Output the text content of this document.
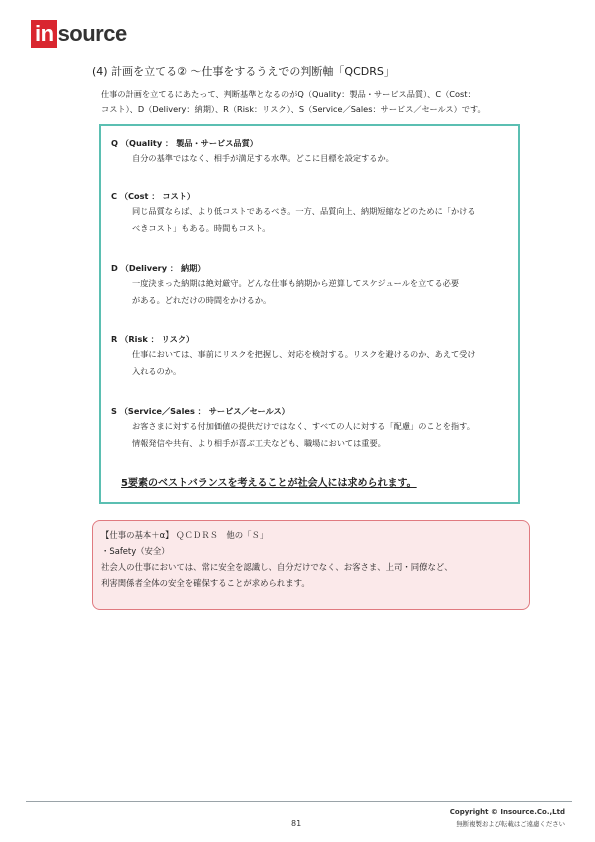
in source
(4) 計画を立てる② ～仕事をするうえでの判断軸「QCDRS」

仕事の計画を立てるにあたって、判断基準となるのがQ（Quality：製品・サービス品質）、C（Cost：

コスト）、D（Delivery：納期）、R（Risk：リスク）、S（Service／Sales：サービス／セールス）です。

Q （Quality ： 製品・サービス品質）
自分の基準ではなく、相手が満足する水準。どこに目標を設定するか。
C （Cost ： コスト）
同じ品質ならば、より低コストであるべき。一方、品質向上、納期短縮などのために「かける
べきコスト」もある。時間もコスト。
D （Delivery ： 納期）
一度決まった納期は絶対厳守。どんな仕事も納期から逆算してスケジュールを立てる必要
がある。どれだけの時間をかけるか。
R （Risk ： リスク）
仕事においては、事前にリスクを把握し、対応を検討する。リスクを避けるのか、あえて受け
入れるのか。
S （Service／Sales ： サービス／セールス）
お客さまに対する付加価値の提供だけではなく、すべての人に対する「配慮」のことを指す。
情報発信や共有、より相手が喜ぶ工夫なども、職場においては重要。
5要素のベストバランスを考えることが社会人には求められます。
【仕事の基本＋α】 ＱＣＤＲＳ　他の「Ｓ」
・Safety（安全）
社会人の仕事においては、常に安全を認識し、自分だけでなく、お客さま、上司・同僚など、
利害関係者全体の安全を確保することが求められます。
81
Copyright © Insource.Co.,Ltd
無断複製および転載はご遠慮ください
